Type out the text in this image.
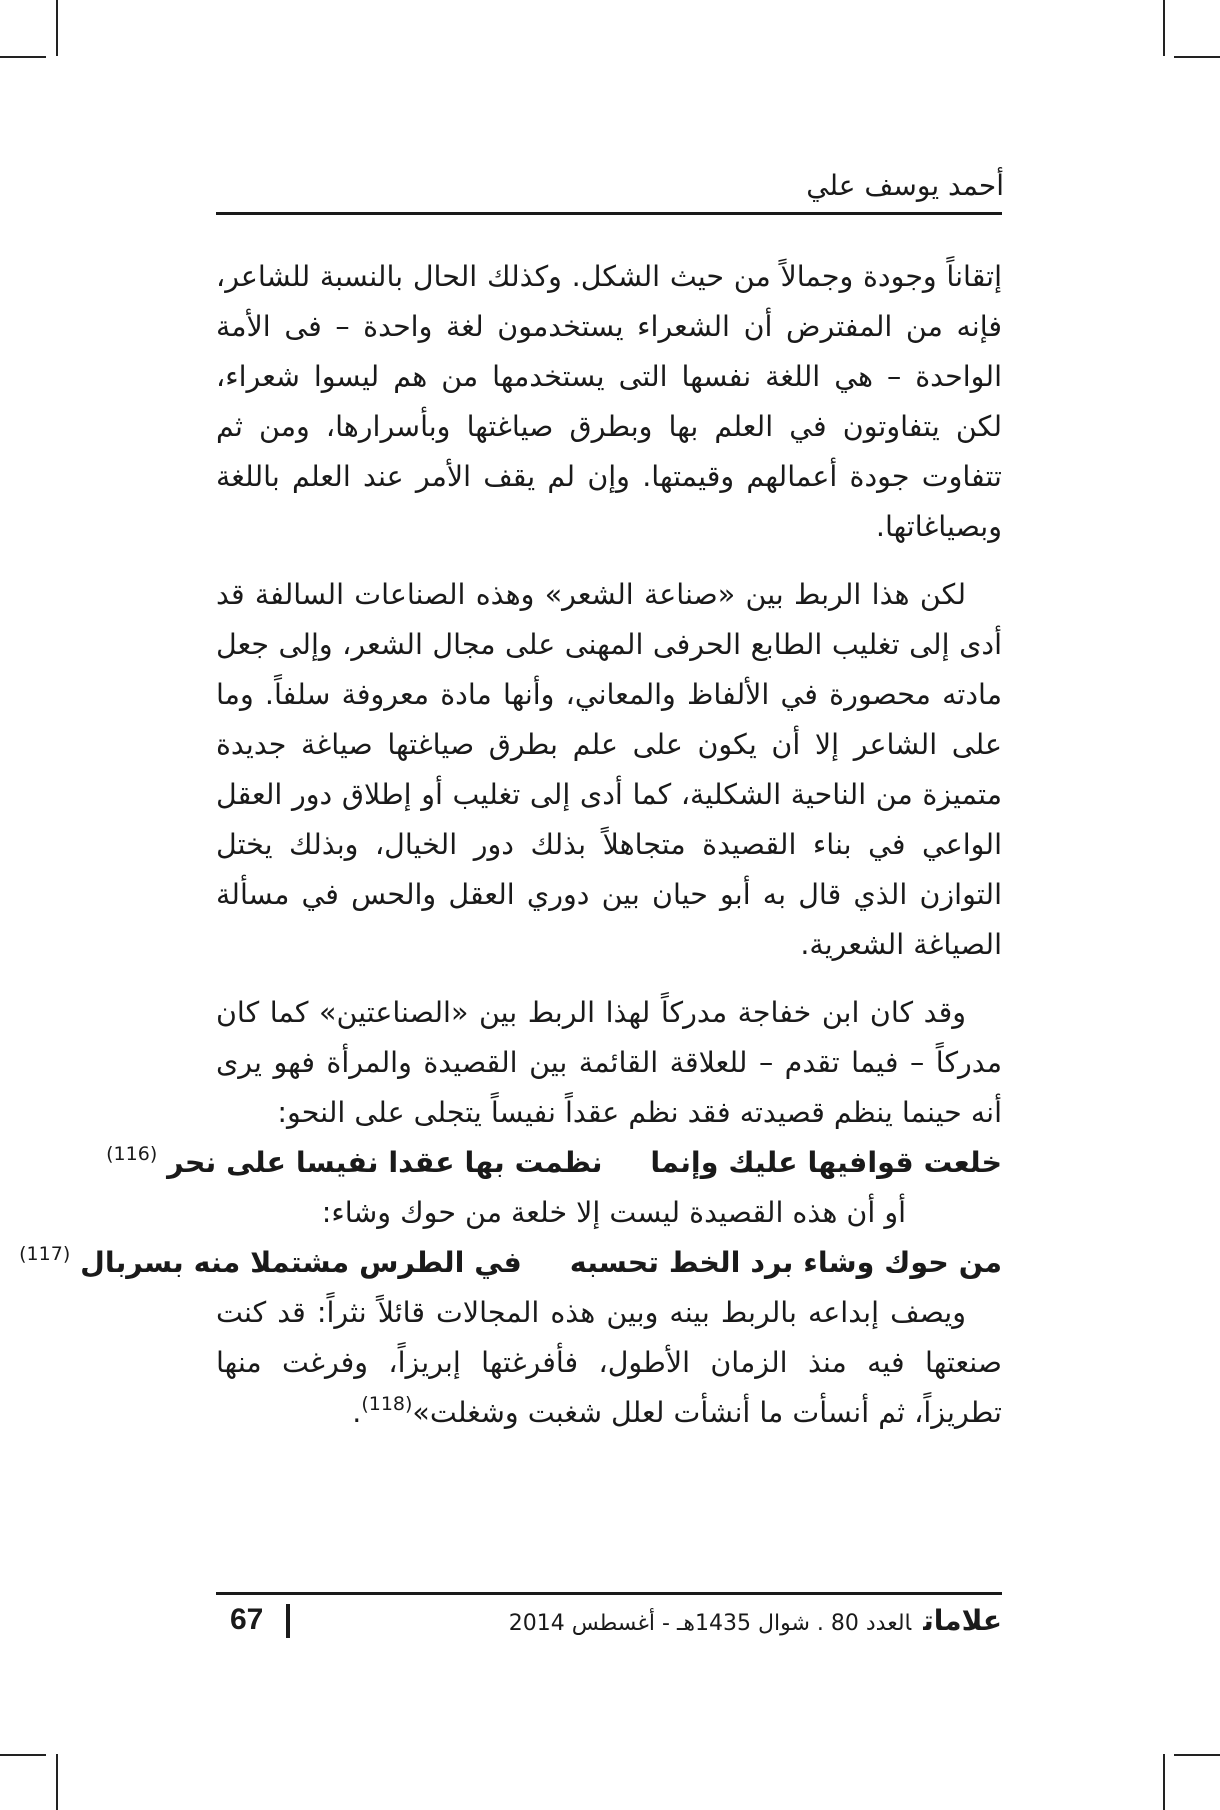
أحمد يوسف علي

إتقاناً وجودة وجمالاً من حيث الشكل. وكذلك الحال بالنسبة للشاعر، فإنه من المفترض أن الشعراء يستخدمون لغة واحدة – فى الأمة الواحدة – هي اللغة نفسها التى يستخدمها من هم ليسوا شعراء، لكن يتفاوتون في العلم بها وبطرق صياغتها وبأسرارها، ومن ثم تتفاوت جودة أعمالهم وقيمتها. وإن لم يقف الأمر عند العلم باللغة وبصياغاتها.

لكن هذا الربط بين «صناعة الشعر» وهذه الصناعات السالفة قد أدى إلى تغليب الطابع الحرفى المهنى على مجال الشعر، وإلى جعل مادته محصورة في الألفاظ والمعاني، وأنها مادة معروفة سلفاً. وما على الشاعر إلا أن يكون على علم بطرق صياغتها صياغة جديدة متميزة من الناحية الشكلية، كما أدى إلى تغليب أو إطلاق دور العقل الواعي في بناء القصيدة متجاهلاً بذلك دور الخيال، وبذلك يختل التوازن الذي قال به أبو حيان بين دوري العقل والحس في مسألة الصياغة الشعرية.

وقد كان ابن خفاجة مدركاً لهذا الربط بين «الصناعتين» كما كان مدركاً – فيما تقدم – للعلاقة القائمة بين القصيدة والمرأة فهو يرى أنه حينما ينظم قصيدته فقد نظم عقداً نفيساً يتجلى على النحو:

خلعت قوافيها عليك وإنمانظمت بها عقدا نفيسا على نحر $^{(116)}$

أو أن هذه القصيدة ليست إلا خلعة من حوك وشاء:

من حوك وشاء برد الخط تحسبهفي الطرس مشتملا منه بسربال $^{(117)}$

ويصف إبداعه بالربط بينه وبين هذه المجالات قائلاً نثراً: قد كنت صنعتها فيه منذ الزمان الأطول، فأفرغتها إبريزاً، وفرغت منها تطريزاً، ثم أنسأت ما أنشأت لعلل شغبت وشغلت»$^{(118)}$.

67	علاماتالعدد 80 . شوال 1435هـ - أغسطس 2014
